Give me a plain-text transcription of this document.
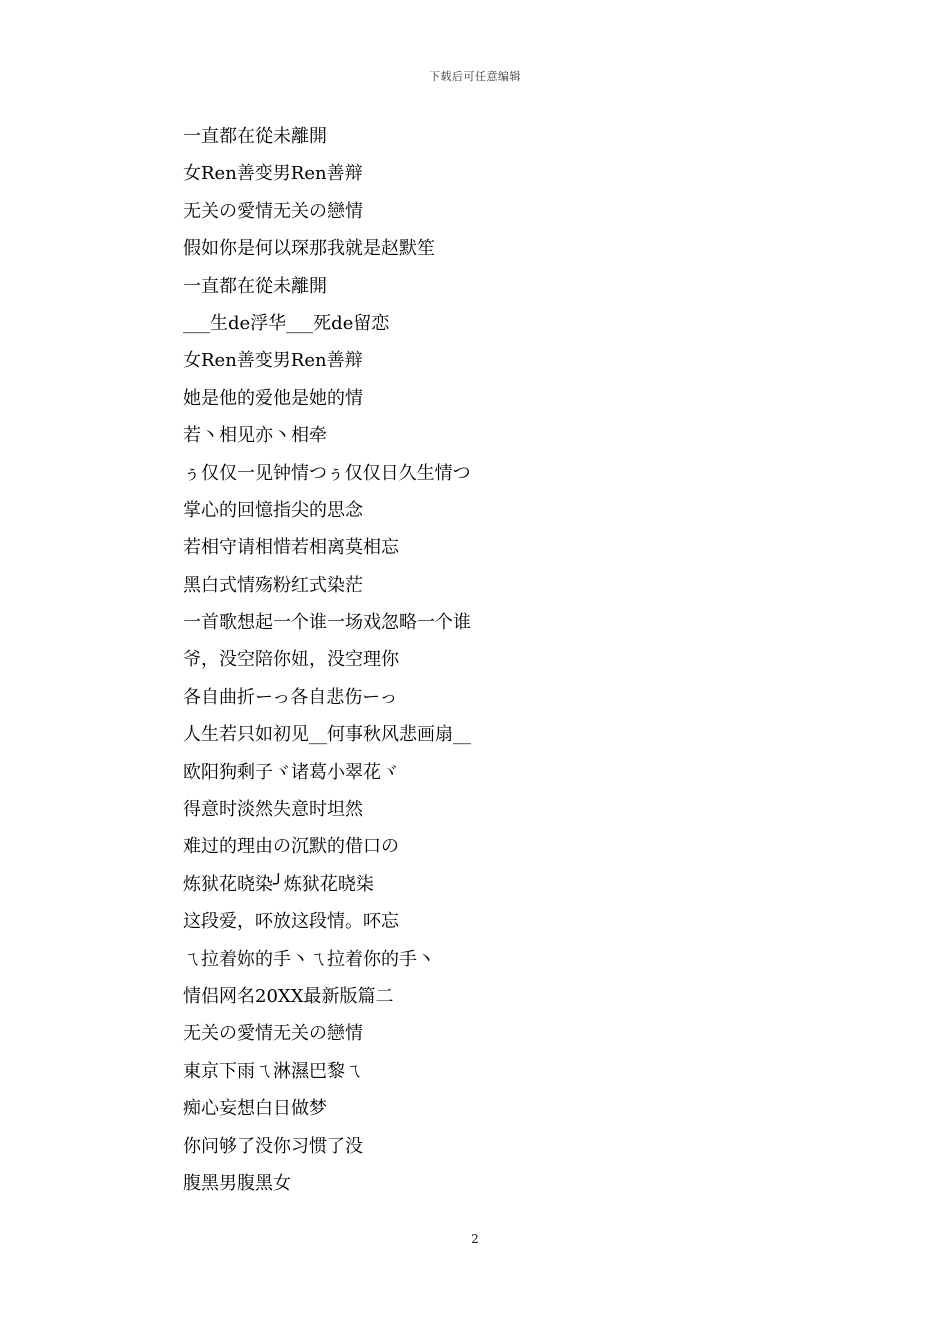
下载后可任意编辑
一直都在從未離開
女Ren善变男Ren善辩
无关の愛情无关の戀情
假如你是何以琛那我就是赵默笙
一直都在從未離開
___生de浮华___死de留恋
女Ren善变男Ren善辩
她是他的爱他是她的情
若丶相见亦丶相牵
ぅ仅仅一见钟情つぅ仅仅日久生情つ
掌心的回憶指尖的思念
若相守请相惜若相离莫相忘
黑白式情殇粉红式染茫
一首歌想起一个谁一场戏忽略一个谁
爷，没空陪你妞，没空理你
各自曲折ーっ各自悲伤ーっ
人生若只如初见__何事秋风悲画扇__
欧阳狗剩子ヾ诸葛小翠花ヾ
得意时淡然失意时坦然
难过的理由の沉默的借口の
炼狱花晓染╯炼狱花晓柒
这段爱，吥放这段情。吥忘
ㄟ拉着妳的手丶ㄟ拉着你的手丶
情侣网名20XX最新版篇二
无关の愛情无关の戀情
東京下雨ㄟ淋濕巴黎ㄟ
痴心妄想白日做梦
你问够了没你习惯了没
腹黑男腹黑女
2
